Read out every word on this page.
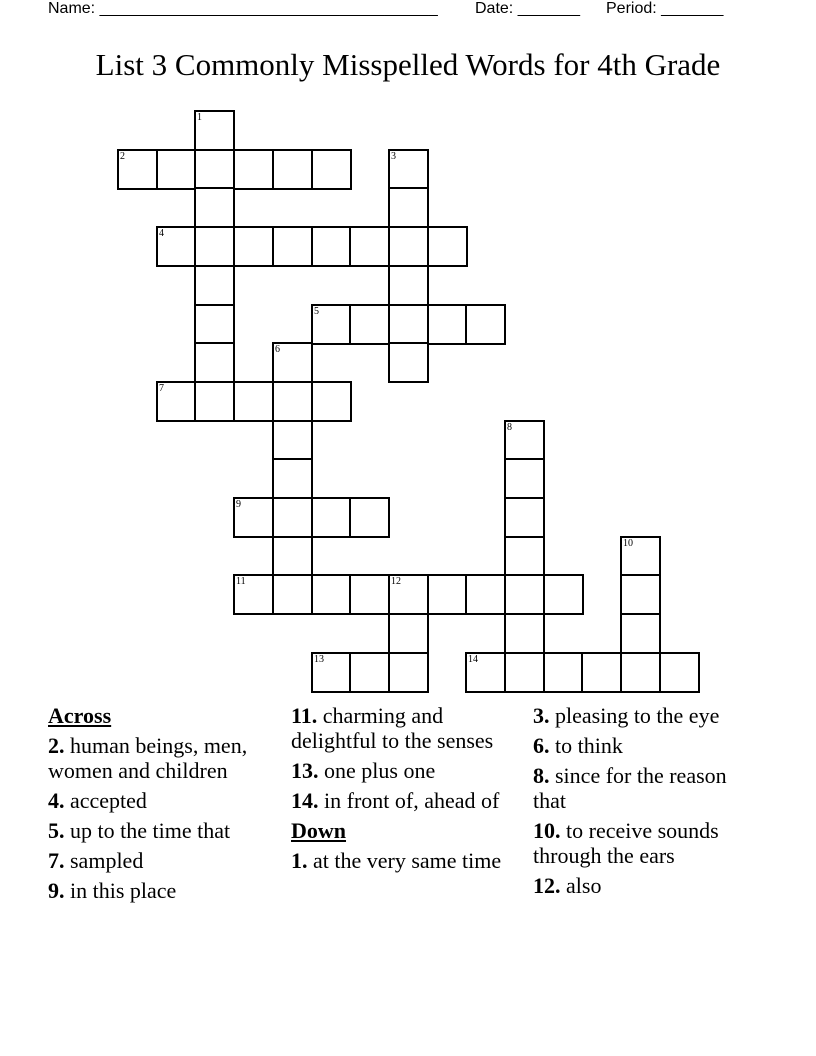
Name: ______________________________________ Date: _______ Period: _______
List 3 Commonly Misspelled Words for 4th Grade
1
2	3
4
5
6
7
8
9
10
11	12
13	14
Across
2. human beings, men, women and children
4. accepted
5. up to the time that
7. sampled
9. in this place
11. charming and delightful to the senses
13. one plus one
14. in front of, ahead of
Down
1. at the very same time
3. pleasing to the eye
6. to think
8. since for the reason that
10. to receive sounds through the ears
12. also
